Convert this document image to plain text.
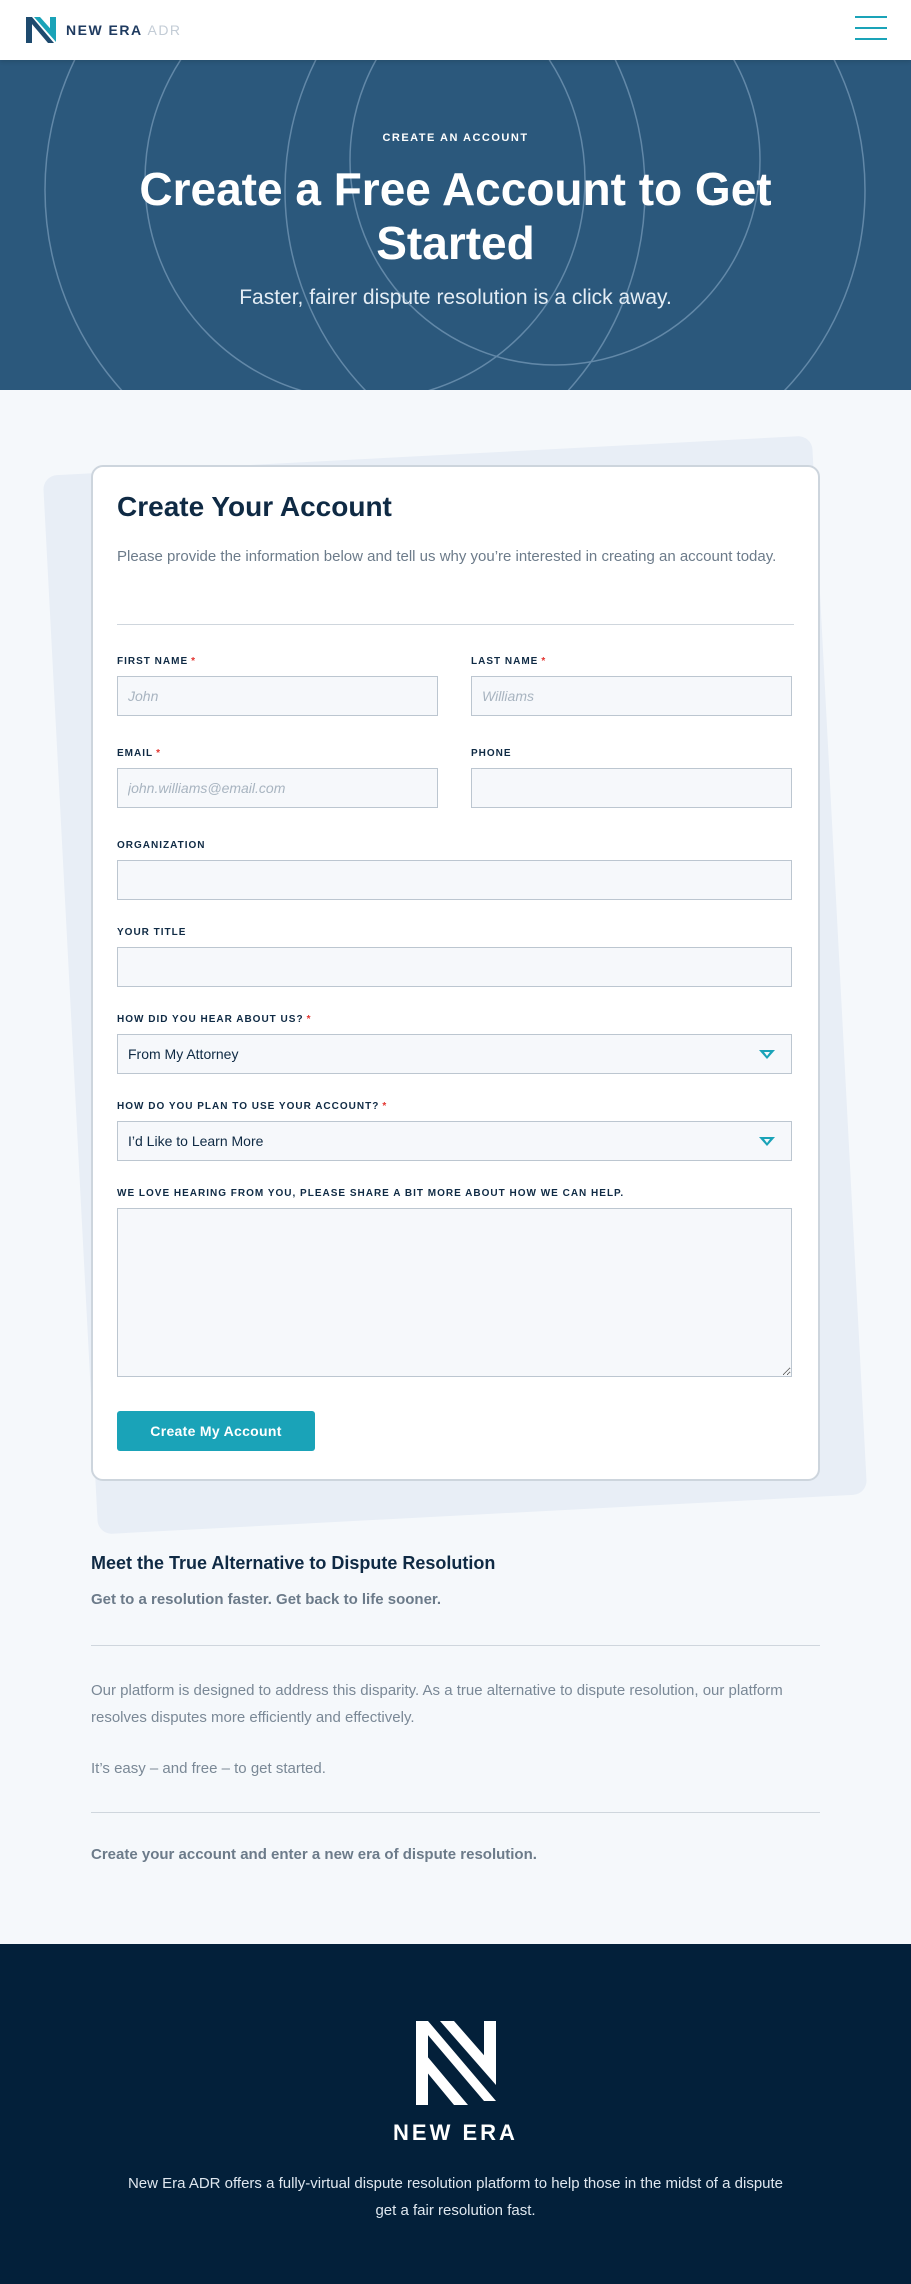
NEW ERA ADR
CREATE AN ACCOUNT
Create a Free Account to Get Started
Faster, fairer dispute resolution is a click away.
Create Your Account
Please provide the information below and tell us why you’re interested in creating an account today.
FIRST NAME *
John	LAST NAME *
Williams
EMAIL *
john.williams@email.com	PHONE
ORGANIZATION
YOUR TITLE
HOW DID YOU HEAR ABOUT US? *
From My Attorney
HOW DO YOU PLAN TO USE YOUR ACCOUNT? *
I’d Like to Learn More
WE LOVE HEARING FROM YOU, PLEASE SHARE A BIT MORE ABOUT HOW WE CAN HELP.
Create My Account
Meet the True Alternative to Dispute Resolution
Get to a resolution faster. Get back to life sooner.
Our platform is designed to address this disparity. As a true alternative to dispute resolution, our platform resolves disputes more efficiently and effectively.
It’s easy – and free – to get started.
Create your account and enter a new era of dispute resolution.
NEW ERA
New Era ADR offers a fully-virtual dispute resolution platform to help those in the midst of a dispute get a fair resolution fast.
